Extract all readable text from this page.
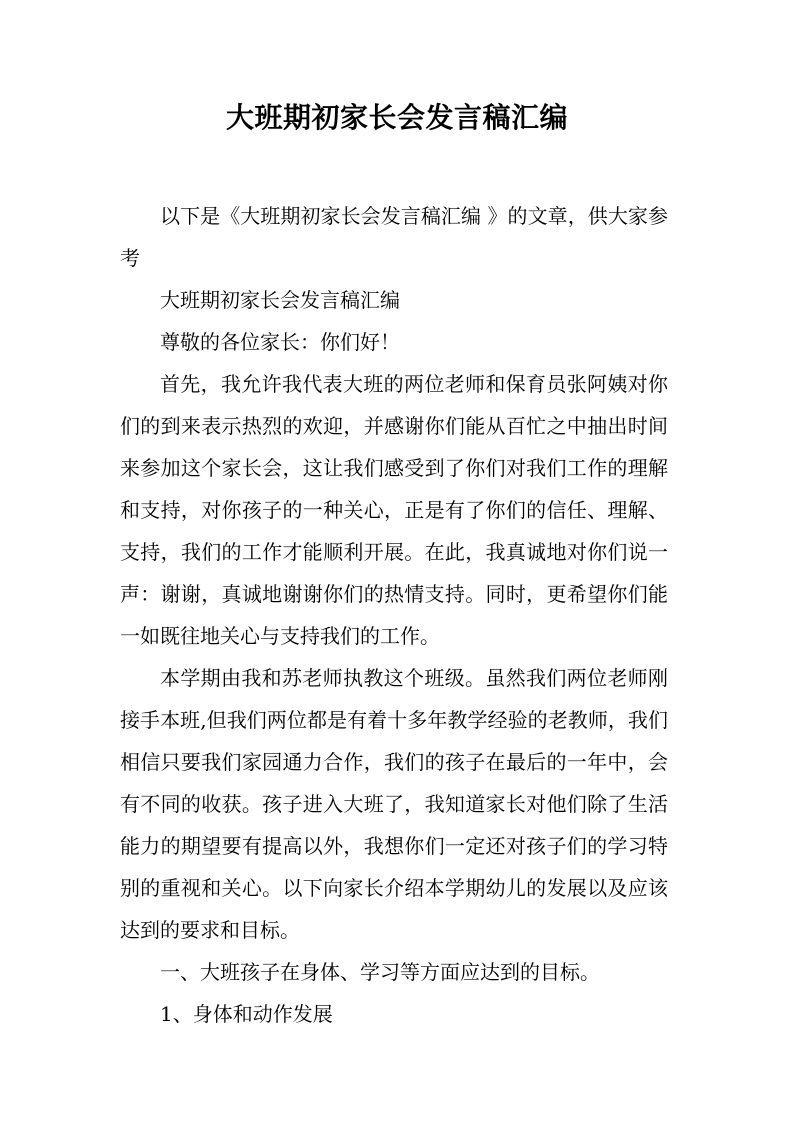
大班期初家长会发言稿汇编

以下是《大班期初家长会发言稿汇编 》的文章，供大家参考

大班期初家长会发言稿汇编

尊敬的各位家长：你们好！

首先，我允许我代表大班的两位老师和保育员张阿姨对你们的到来表示热烈的欢迎，并感谢你们能从百忙之中抽出时间来参加这个家长会，这让我们感受到了你们对我们工作的理解和支持，对你孩子的一种关心，正是有了你们的信任、理解、支持，我们的工作才能顺利开展。在此，我真诚地对你们说一声：谢谢，真诚地谢谢你们的热情支持。同时，更希望你们能一如既往地关心与支持我们的工作。

本学期由我和苏老师执教这个班级。虽然我们两位老师刚接手本班,但我们两位都是有着十多年教学经验的老教师，我们相信只要我们家园通力合作，我们的孩子在最后的一年中，会有不同的收获。孩子进入大班了，我知道家长对他们除了生活能力的期望要有提高以外，我想你们一定还对孩子们的学习特别的重视和关心。以下向家长介绍本学期幼儿的发展以及应该达到的要求和目标。

一、大班孩子在身体、学习等方面应达到的目标。

1、身体和动作发展
